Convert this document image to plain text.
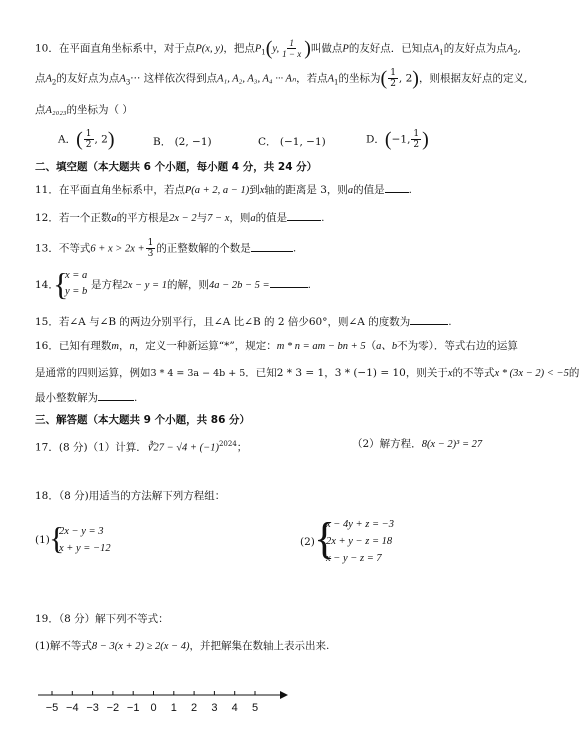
10．在平面直角坐标系中，对于点P(x, y)，把点$P_1(y$, $\frac{1}{1 - x}$ )叫做点P的友好点．已知点$A_1$的友好点为点$A_2$,
点$A_2$的友好点为点$A_3\cdot\cdot\cdot$ 这样依次得到点A₁, A₂, A₃, A₄ ··· Aₙ，若点$A_1$的坐标为( $\frac{1}{2}$ , 2)，则根据友好点的定义,
点A₂₀₂₃的坐标为（ ）
A．( $\frac{1}{2}$ , 2)	B． (2, −1)	C． (−1, −1)	D．(−1, $\frac{1}{2}$ )
二、填空题（本大题共 6 个小题，每小题 4 分，共 24 分）
11．在平面直角坐标系中，若点P(a + 2, a − 1)到x轴的距离是 3，则a的值是 .
12．若一个正数a的平方根是2x − 2与7 − x，则a的值是	.
13．不等式$6 + x > 2x + \frac{1}{3}$ 的正整数解的个数是	.
14．
{
x = a
y = b
是方程2x − y = 1的解，则4a − 2b − 5 =	.
15．若∠A 与∠B 的两边分别平行，且∠A 比∠B 的 2 倍少60°，则∠A 的度数为	.
16．已知有理数m，n，定义一种新运算“*”，规定：m * n = am − bn + 5（a、b不为零）．等式右边的运算
是通常的四则运算，例如3 * 4 = 3a − 4b + 5．已知2 * 3 = 1，3 * (−1) = 10，则关于x的不等式x * (3x − 2) < −5的
最小整数解为	.
三、解答题（本大题共 9 个小题，共 86 分）
17．(8 分)（1）计算．∛27 − $√4 + (-1)^{2024}$；	（2）解方程．8(x − 2)³ = 27
18．（8 分)用适当的方法解下列方程组：
(1) {
2x − y = 3
x + y = −12
(2) {
x − 4y + z = −3
2x + y − z = 18
x − y − z = 7
19．（8 分）解下列不等式：
(1)解不等式8 − 3(x + 2) ≥ 2(x − 4)，并把解集在数轴上表示出来.
−5 −4 −3 −2 −1 0 1 2 3 4 5
